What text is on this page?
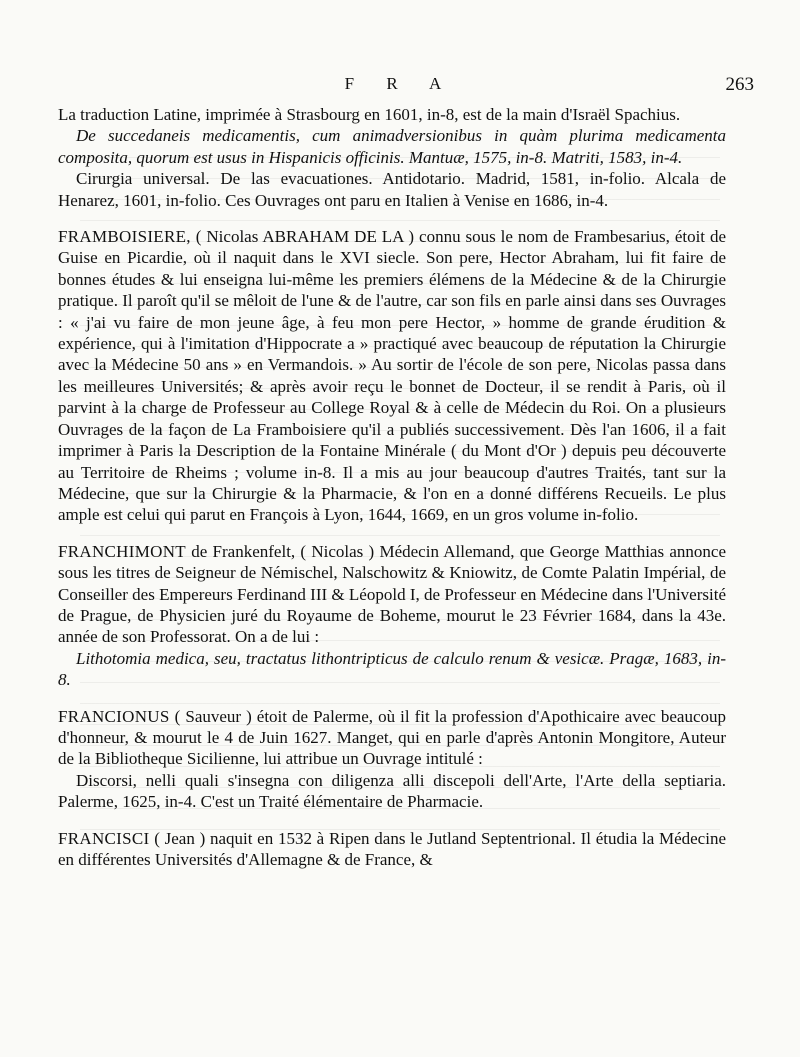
F R A	263

La traduction Latine, imprimée à Strasbourg en 1601, in-8, est de la main d'Israël Spachius.

De succedaneis medicamentis, cum animadversionibus in quàm plurima medicamenta composita, quorum est usus in Hispanicis officinis. Mantuæ, 1575, in-8. Matriti, 1583, in-4.

Cirurgia universal. De las evacuationes. Antidotario. Madrid, 1581, in-folio. Alcala de Henarez, 1601, in-folio. Ces Ouvrages ont paru en Italien à Venise en 1686, in-4.

FRAMBOISIERE, ( Nicolas ABRAHAM DE LA ) connu sous le nom de Frambesarius, étoit de Guise en Picardie, où il naquit dans le XVI siecle. Son pere, Hector Abraham, lui fit faire de bonnes études & lui enseigna lui-même les premiers élémens de la Médecine & de la Chirurgie pratique. Il paroît qu'il se mêloit de l'une & de l'autre, car son fils en parle ainsi dans ses Ouvrages : « j'ai vu faire de mon jeune âge, à feu mon pere Hector, » homme de grande érudition & expérience, qui à l'imitation d'Hippocrate a » practiqué avec beaucoup de réputation la Chirurgie avec la Médecine 50 ans » en Vermandois. » Au sortir de l'école de son pere, Nicolas passa dans les meilleures Universités; & après avoir reçu le bonnet de Docteur, il se rendit à Paris, où il parvint à la charge de Professeur au College Royal & à celle de Médecin du Roi. On a plusieurs Ouvrages de la façon de La Framboisiere qu'il a publiés successivement. Dès l'an 1606, il a fait imprimer à Paris la Description de la Fontaine Minérale ( du Mont d'Or ) depuis peu découverte au Territoire de Rheims ; volume in-8. Il a mis au jour beaucoup d'autres Traités, tant sur la Médecine, que sur la Chirurgie & la Pharmacie, & l'on en a donné différens Recueils. Le plus ample est celui qui parut en François à Lyon, 1644, 1669, en un gros volume in-folio.

FRANCHIMONT de Frankenfelt, ( Nicolas ) Médecin Allemand, que George Matthias annonce sous les titres de Seigneur de Némischel, Nalschowitz & Kniowitz, de Comte Palatin Impérial, de Conseiller des Empereurs Ferdinand III & Léopold I, de Professeur en Médecine dans l'Université de Prague, de Physicien juré du Royaume de Boheme, mourut le 23 Février 1684, dans la 43e. année de son Professorat. On a de lui :

Lithotomia medica, seu, tractatus lithontripticus de calculo renum & vesicæ. Pragæ, 1683, in-8.

FRANCIONUS ( Sauveur ) étoit de Palerme, où il fit la profession d'Apothicaire avec beaucoup d'honneur, & mourut le 4 de Juin 1627. Manget, qui en parle d'après Antonin Mongitore, Auteur de la Bibliotheque Sicilienne, lui attribue un Ouvrage intitulé :

Discorsi, nelli quali s'insegna con diligenza alli discepoli dell'Arte, l'Arte della septiaria. Palerme, 1625, in-4. C'est un Traité élémentaire de Pharmacie.

FRANCISCI ( Jean ) naquit en 1532 à Ripen dans le Jutland Septentrional. Il étudia la Médecine en différentes Universités d'Allemagne & de France, &
